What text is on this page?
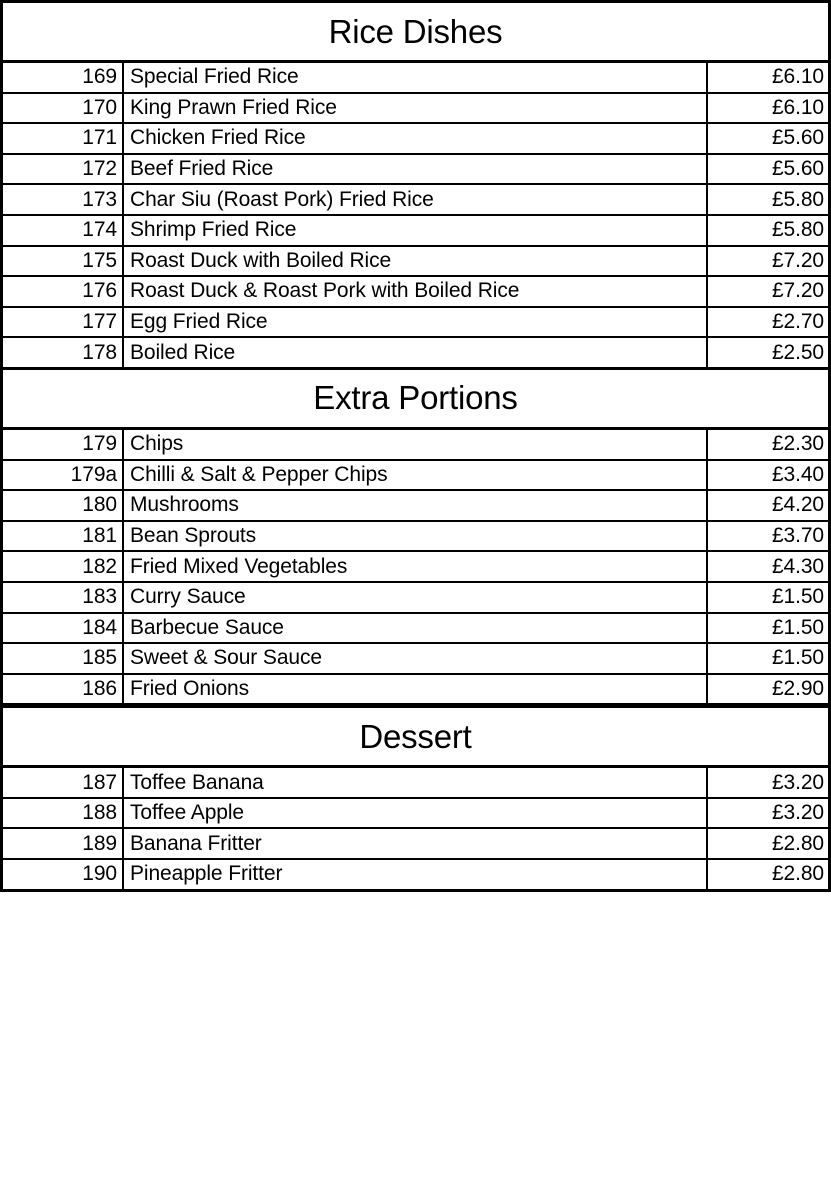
Rice Dishes
169 Special Fried Rice	£6.10
170 King Prawn Fried Rice	£6.10
171 Chicken Fried Rice	£5.60
172 Beef Fried Rice	£5.60
173 Char Siu (Roast Pork) Fried Rice	£5.80
174 Shrimp Fried Rice	£5.80
175 Roast Duck with Boiled Rice	£7.20
176 Roast Duck & Roast Pork with Boiled Rice	£7.20
177 Egg Fried Rice	£2.70
178 Boiled Rice	£2.50
Extra Portions
179 Chips	£2.30
179a Chilli & Salt & Pepper Chips	£3.40
180 Mushrooms	£4.20
181 Bean Sprouts	£3.70
182 Fried Mixed Vegetables	£4.30
183 Curry Sauce	£1.50
184 Barbecue Sauce	£1.50
185 Sweet & Sour Sauce	£1.50
186 Fried Onions	£2.90
Dessert
187 Toffee Banana	£3.20
188 Toffee Apple	£3.20
189 Banana Fritter	£2.80
190 Pineapple Fritter	£2.80
